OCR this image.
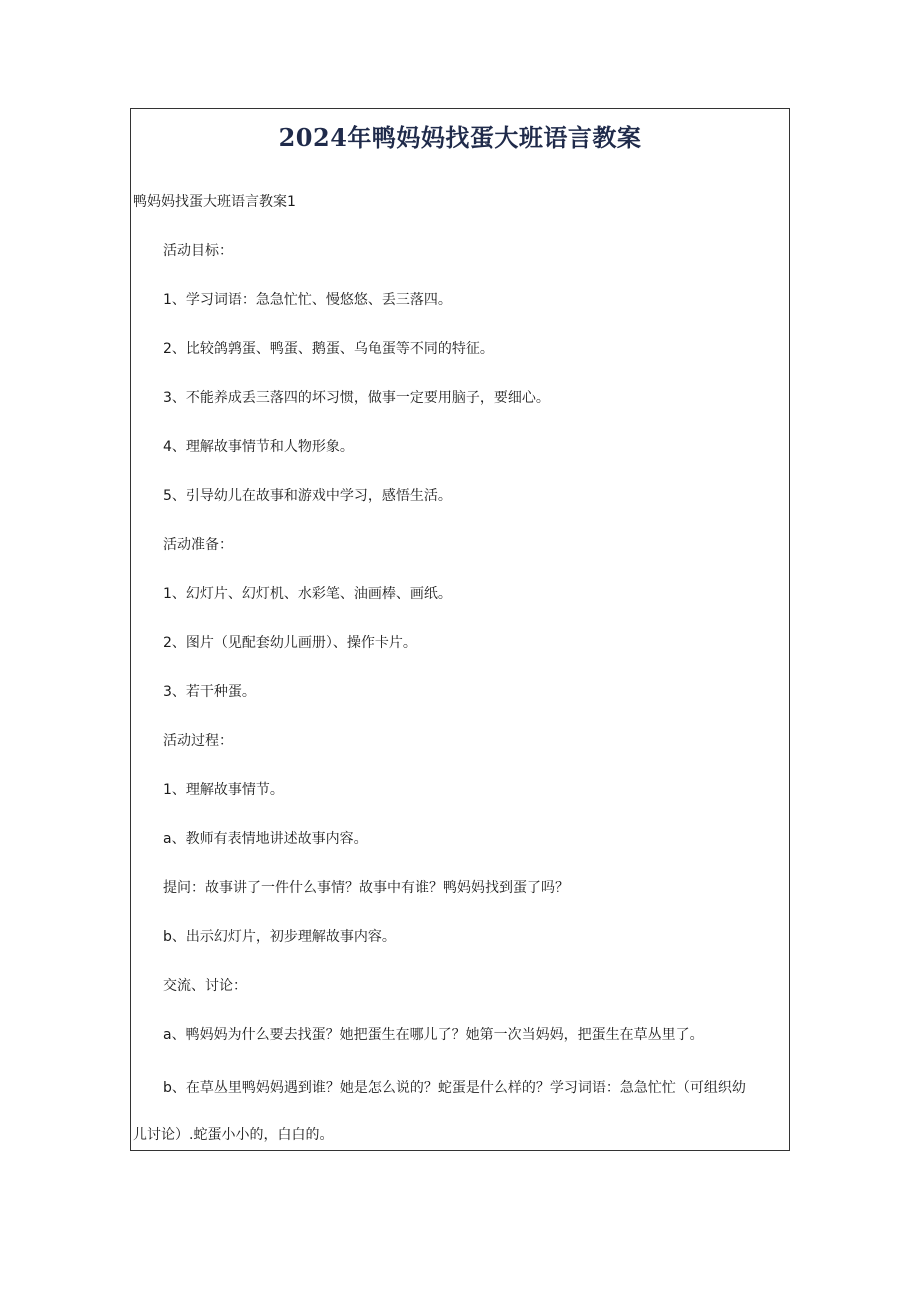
2024年鸭妈妈找蛋大班语言教案

鸭妈妈找蛋大班语言教案1

活动目标：

1、学习词语：急急忙忙、慢悠悠、丢三落四。

2、比较鸽鹑蛋、鸭蛋、鹅蛋、乌龟蛋等不同的特征。

3、不能养成丢三落四的坏习惯，做事一定要用脑子，要细心。

4、理解故事情节和人物形象。

5、引导幼儿在故事和游戏中学习，感悟生活。

活动准备：

1、幻灯片、幻灯机、水彩笔、油画棒、画纸。

2、图片（见配套幼儿画册）、操作卡片。

3、若干种蛋。

活动过程：

1、理解故事情节。

a、教师有表情地讲述故事内容。

提问：故事讲了一件什么事情？故事中有谁？鸭妈妈找到蛋了吗？

b、出示幻灯片，初步理解故事内容。

交流、讨论：

a、鸭妈妈为什么要去找蛋？她把蛋生在哪儿了？她第一次当妈妈，把蛋生在草丛里了。

b、在草丛里鸭妈妈遇到谁？她是怎么说的？蛇蛋是什么样的？学习词语：急急忙忙（可组织幼

儿讨论）.蛇蛋小小的，白白的。
